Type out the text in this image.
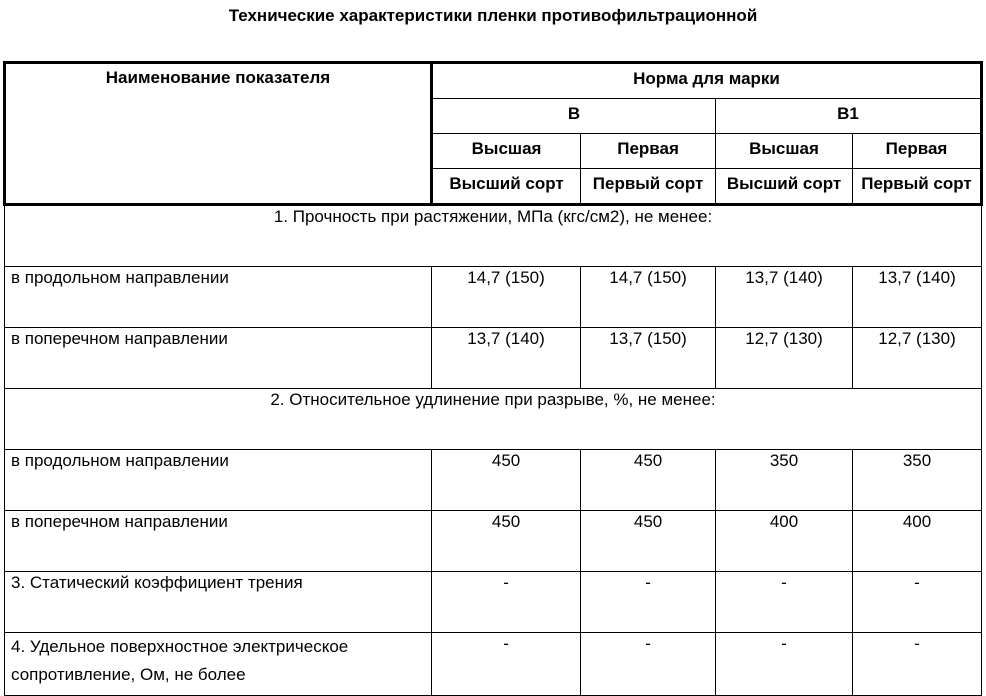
Технические характеристики пленки противофильтрационной
Наименование показателя	Норма для марки			
	В		В1	
	Высшая	Первая	Высшая	Первая
	Высший сорт	Первый сорт	Высший сорт	Первый сорт
1. Прочность при растяжении, МПа (кгс/см2), не менее:				
в продольном направлении	14,7 (150)	14,7 (150)	13,7 (140)	13,7 (140)
в поперечном направлении	13,7 (140)	13,7 (150)	12,7 (130)	12,7 (130)
2. Относительное удлинение при разрыве, %, не менее:				
в продольном направлении	450	450	350	350
в поперечном направлении	450	450	400	400
3. Статический коэффициент трения	-	-	-	-

4. Удельное поверхностное электрическое
сопротивление, Ом, не более	-	-	-	-
